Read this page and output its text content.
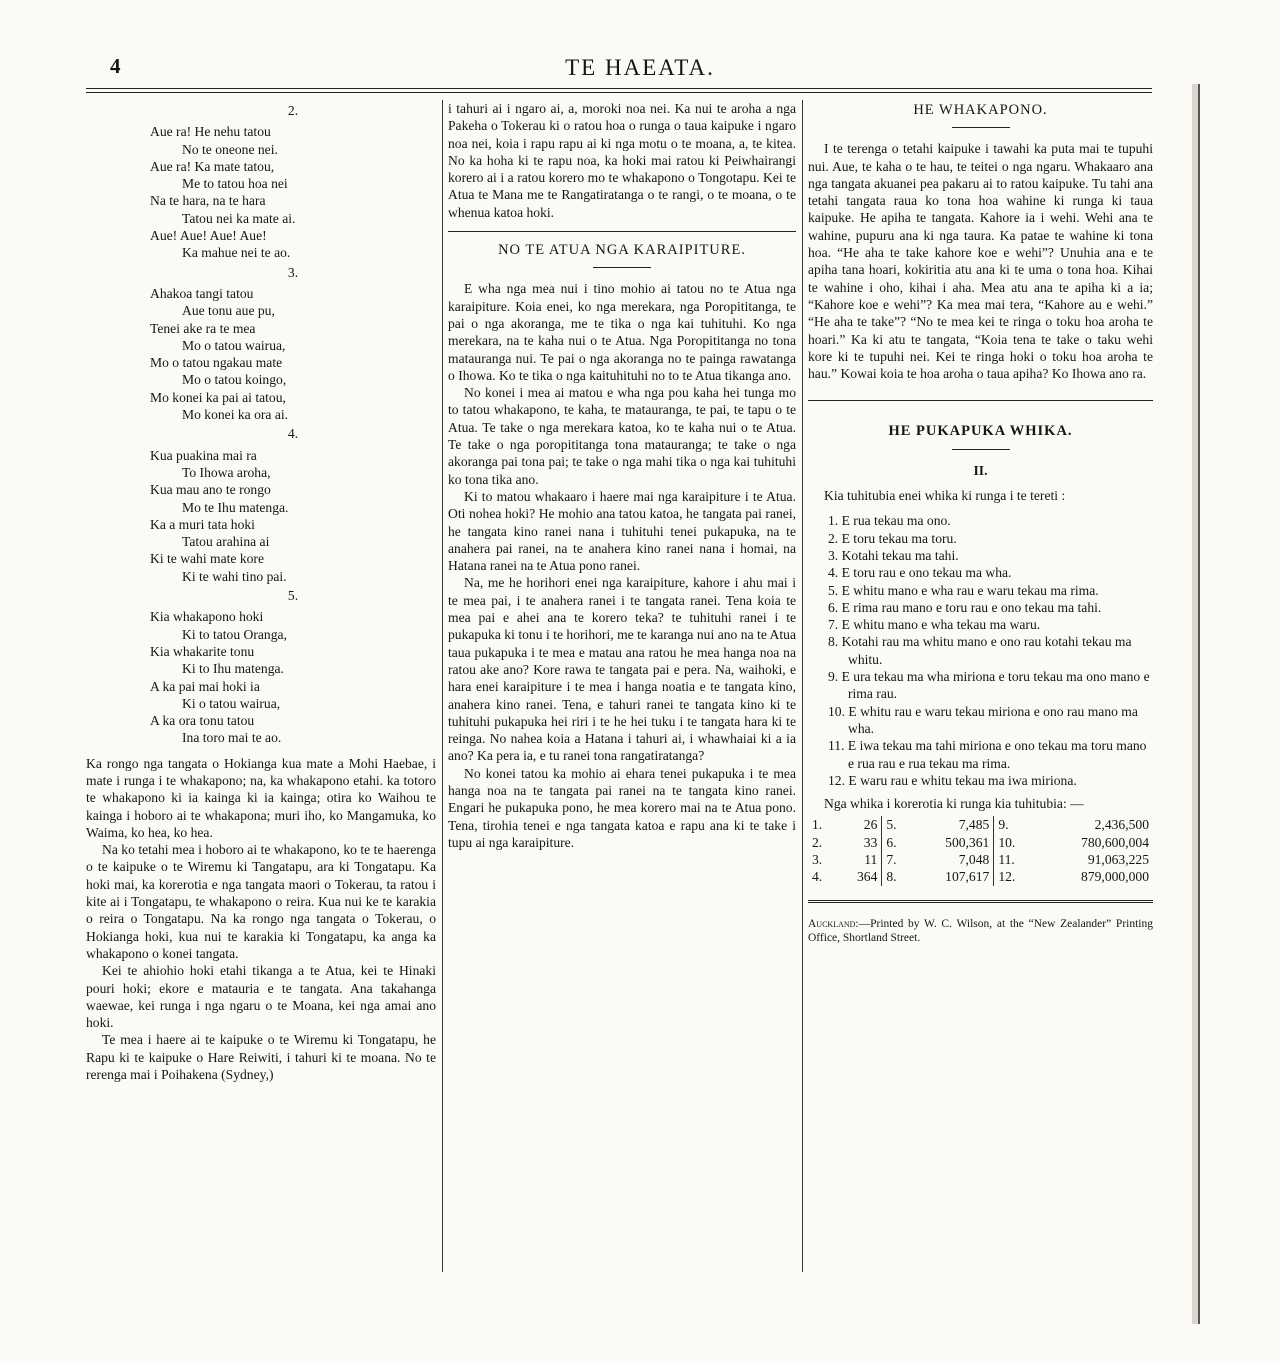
4	TE HAEATA.
2.
Aue ra! He nehu tatou
No te oneone nei.
Aue ra! Ka mate tatou,
Me to tatou hoa nei
Na te hara, na te hara
Tatou nei ka mate ai.
Aue! Aue! Aue! Aue!
Ka mahue nei te ao.
3.
Ahakoa tangi tatou
Aue tonu aue pu,
Tenei ake ra te mea
Mo o tatou wairua,
Mo o tatou ngakau mate
Mo o tatou koingo,
Mo konei ka pai ai tatou,
Mo konei ka ora ai.
4.
Kua puakina mai ra
To Ihowa aroha,
Kua mau ano te rongo
Mo te Ihu matenga.
Ka a muri tata hoki
Tatou arahina ai
Ki te wahi mate kore
Ki te wahi tino pai.
5.
Kia whakapono hoki
Ki to tatou Oranga,
Kia whakarite tonu
Ki to Ihu matenga.
A ka pai mai hoki ia
Ki o tatou wairua,
A ka ora tonu tatou
Ina toro mai te ao.

Ka rongo nga tangata o Hokianga kua mate a Mohi Haebae, i mate i runga i te whakapono; na, ka whakapono etahi. ka totoro te whakapono ki ia kainga ki ia kainga; otira ko Waihou te kainga i hoboro ai te whakapona; muri iho, ko Mangamuka, ko Waima, ko hea, ko hea.

Na ko tetahi mea i hoboro ai te whakapono, ko te te haerenga o te kaipuke o te Wiremu ki Tangatapu, ara ki Tongatapu. Ka hoki mai, ka korerotia e nga tangata maori o Tokerau, ta ratou i kite ai i Tongatapu, te whakapono o reira. Kua nui ke te karakia o reira o Tongatapu. Na ka rongo nga tangata o Tokerau, o Hokianga hoki, kua nui te karakia ki Tongatapu, ka anga ka whakapono o konei tangata.

Kei te ahiohio hoki etahi tikanga a te Atua, kei te Hinaki pouri hoki; ekore e matauria e te tangata. Ana takahanga waewae, kei runga i nga ngaru o te Moana, kei nga amai ano hoki.

Te mea i haere ai te kaipuke o te Wiremu ki Tongatapu, he Rapu ki te kaipuke o Hare Reiwiti, i tahuri ki te moana. No te rerenga mai i Poihakena (Sydney,)

i tahuri ai i ngaro ai, a, moroki noa nei. Ka nui te aroha a nga Pakeha o Tokerau ki o ratou hoa o runga o taua kaipuke i ngaro noa nei, koia i rapu rapu ai ki nga motu o te moana, a, te kitea. No ka hoha ki te rapu noa, ka hoki mai ratou ki Peiwhairangi korero ai i a ratou korero mo te whakapono o Tongotapu. Kei te Atua te Mana me te Rangatiratanga o te rangi, o te moana, o te whenua katoa hoki.

NO TE ATUA NGA KARAIPITURE.

E wha nga mea nui i tino mohio ai tatou no te Atua nga karaipiture. Koia enei, ko nga merekara, nga Poropititanga, te pai o nga akoranga, me te tika o nga kai tuhituhi. Ko nga merekara, na te kaha nui o te Atua. Nga Poropititanga no tona matauranga nui. Te pai o nga akoranga no te painga rawatanga o Ihowa. Ko te tika o nga kaituhituhi no to te Atua tikanga ano.

No konei i mea ai matou e wha nga pou kaha hei tunga mo to tatou whakapono, te kaha, te matauranga, te pai, te tapu o te Atua. Te take o nga merekara katoa, ko te kaha nui o te Atua. Te take o nga poropititanga tona matauranga; te take o nga akoranga pai tona pai; te take o nga mahi tika o nga kai tuhituhi ko tona tika ano.

Ki to matou whakaaro i haere mai nga karaipiture i te Atua. Oti nohea hoki? He mohio ana tatou katoa, he tangata pai ranei, he tangata kino ranei nana i tuhituhi tenei pukapuka, na te anahera pai ranei, na te anahera kino ranei nana i homai, na Hatana ranei na te Atua pono ranei.

Na, me he horihori enei nga karaipiture, kahore i ahu mai i te mea pai, i te anahera ranei i te tangata ranei. Tena koia te mea pai e ahei ana te korero teka? te tuhituhi ranei i te pukapuka ki tonu i te horihori, me te karanga nui ano na te Atua taua pukapuka i te mea e matau ana ratou he mea hanga noa na ratou ake ano? Kore rawa te tangata pai e pera. Na, waihoki, e hara enei karaipiture i te mea i hanga noatia e te tangata kino, anahera kino ranei. Tena, e tahuri ranei te tangata kino ki te tuhituhi pukapuka hei riri i te he hei tuku i te tangata hara ki te reinga. No nahea koia a Hatana i tahuri ai, i whawhaiai ki a ia ano? Ka pera ia, e tu ranei tona rangatiratanga?

No konei tatou ka mohio ai ehara tenei pukapuka i te mea hanga noa na te tangata pai ranei na te tangata kino ranei. Engari he pukapuka pono, he mea korero mai na te Atua pono. Tena, tirohia tenei e nga tangata katoa e rapu ana ki te take i tupu ai nga karaipiture.

HE WHAKAPONO.

I te terenga o tetahi kaipuke i tawahi ka puta mai te tupuhi nui. Aue, te kaha o te hau, te teitei o nga ngaru. Whakaaro ana nga tangata akuanei pea pakaru ai to ratou kaipuke. Tu tahi ana tetahi tangata raua ko tona hoa wahine ki runga ki taua kaipuke. He apiha te tangata. Kahore ia i wehi. Wehi ana te wahine, pupuru ana ki nga taura. Ka patae te wahine ki tona hoa. “He aha te take kahore koe e wehi”? Unuhia ana e te apiha tana hoari, kokiritia atu ana ki te uma o tona hoa. Kihai te wahine i oho, kihai i aha. Mea atu ana te apiha ki a ia; “Kahore koe e wehi”? Ka mea mai tera, “Kahore au e wehi.” “He aha te take”? “No te mea kei te ringa o toku hoa aroha te hoari.” Ka ki atu te tangata, “Koia tena te take o taku wehi kore ki te tupuhi nei. Kei te ringa hoki o toku hoa aroha te hau.” Kowai koia te hoa aroha o taua apiha? Ko Ihowa ano ra.

HE PUKAPUKA WHIKA.
II.

Kia tuhitubia enei whika ki runga i te tereti :

1. E rua tekau ma ono.
2. E toru tekau ma toru.
3. Kotahi tekau ma tahi.
4. E toru rau e ono tekau ma wha.
5. E whitu mano e wha rau e waru tekau ma rima.
6. E rima rau mano e toru rau e ono tekau ma tahi.
7. E whitu mano e wha tekau ma waru.
8. Kotahi rau ma whitu mano e ono rau kotahi tekau ma whitu.
9. E ura tekau ma wha miriona e toru tekau ma ono mano e rima rau.
10. E whitu rau e waru tekau miriona e ono rau mano ma wha.
11. E iwa tekau ma tahi miriona e ono tekau ma toru mano e rua rau e rua tekau ma rima.
12. E waru rau e whitu tekau ma iwa miriona.

Nga whika i korerotia ki runga kia tuhitubia: —

1.	26	5.	7,485	9.	2,436,500
2.	33	6.	500,361	10.	780,600,004
3.	11	7.	7,048	11.	91,063,225
4.	364	8.	107,617	12.	879,000,000

Auckland:—Printed by W. C. Wilson, at the “New Zealander” Printing Office, Shortland Street.
